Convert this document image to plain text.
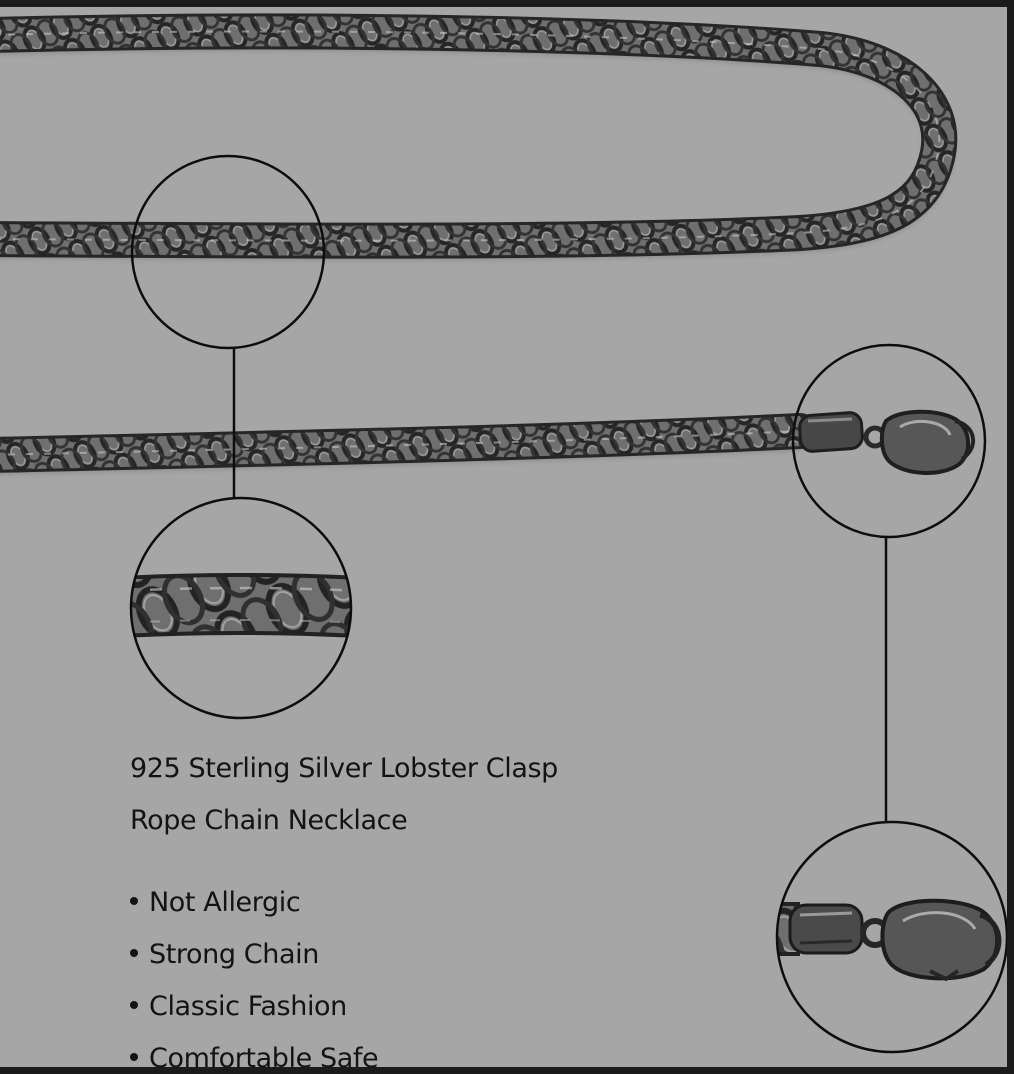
925 Sterling Silver Lobster Clasp
Rope Chain Necklace
Not Allergic
Strong Chain
Classic Fashion
Comfortable Safe
